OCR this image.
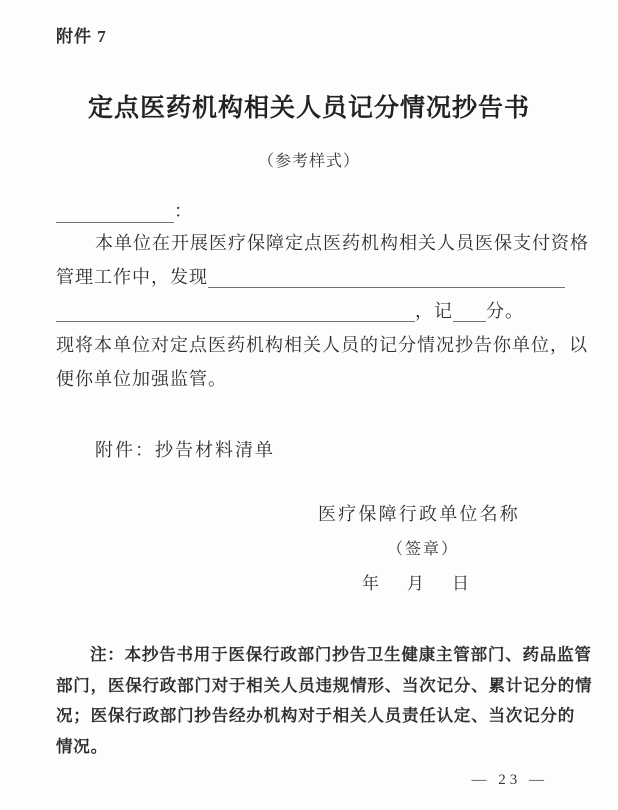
附件 7
定点医药机构相关人员记分情况抄告书
（参考样式）
：
本单位在开展医疗保障定点医药机构相关人员医保支付资格
管理工作中，发现
，记 分。
现将本单位对定点医药机构相关人员的记分情况抄告你单位，以
便你单位加强监管。
附件：抄告材料清单
医疗保障行政单位名称
（签章）
年 月 日
注：本抄告书用于医保行政部门抄告卫生健康主管部门、药品监管
部门，医保行政部门对于相关人员违规情形、当次记分、累计记分的情
况；医保行政部门抄告经办机构对于相关人员责任认定、当次记分的
情况。
— 23 —
